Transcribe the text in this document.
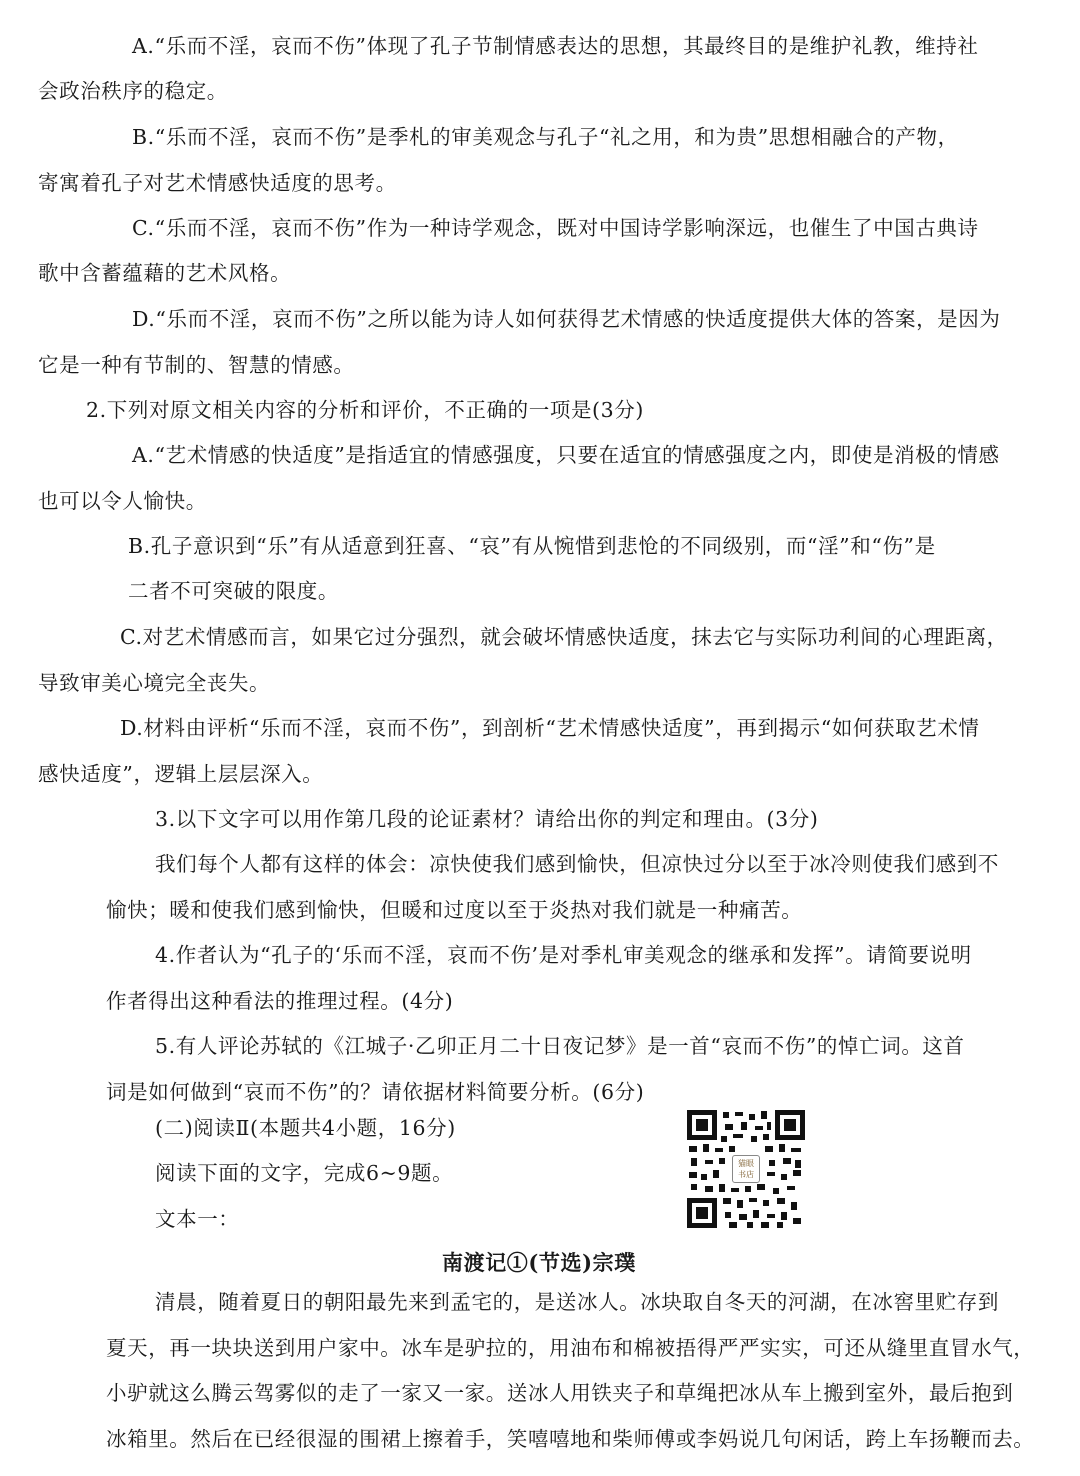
A.“乐而不淫，哀而不伤”体现了孔子节制情感表达的思想，其最终目的是维护礼教，维持社
会政治秩序的稳定。
B.“乐而不淫，哀而不伤”是季札的审美观念与孔子“礼之用，和为贵”思想相融合的产物，
寄寓着孔子对艺术情感快适度的思考。
C.“乐而不淫，哀而不伤”作为一种诗学观念，既对中国诗学影响深远，也催生了中国古典诗
歌中含蓄蕴藉的艺术风格。
D.“乐而不淫，哀而不伤”之所以能为诗人如何获得艺术情感的快适度提供大体的答案，是因为
它是一种有节制的、智慧的情感。
2.下列对原文相关内容的分析和评价，不正确的一项是(3分)
A.“艺术情感的快适度”是指适宜的情感强度，只要在适宜的情感强度之内，即使是消极的情感
也可以令人愉快。
B.孔子意识到“乐”有从适意到狂喜、“哀”有从惋惜到悲怆的不同级别，而“淫”和“伤”是
二者不可突破的限度。
C.对艺术情感而言，如果它过分强烈，就会破坏情感快适度，抹去它与实际功利间的心理距离，
导致审美心境完全丧失。
D.材料由评析“乐而不淫，哀而不伤”，到剖析“艺术情感快适度”，再到揭示“如何获取艺术情
感快适度”，逻辑上层层深入。
3.以下文字可以用作第几段的论证素材？请给出你的判定和理由。(3分)
我们每个人都有这样的体会：凉快使我们感到愉快，但凉快过分以至于冰冷则使我们感到不
愉快；暖和使我们感到愉快，但暖和过度以至于炎热对我们就是一种痛苦。
4.作者认为“孔子的‘乐而不淫，哀而不伤’是对季札审美观念的继承和发挥”。请简要说明
作者得出这种看法的推理过程。(4分)
5.有人评论苏轼的《江城子·乙卯正月二十日夜记梦》是一首“哀而不伤”的悼亡词。这首
词是如何做到“哀而不伤”的？请依据材料简要分析。(6分)
(二)阅读Ⅱ(本题共4小题，16分)
阅读下面的文字，完成6~9题。
文本一：
猫眼
书店
南渡记①(节选)宗璞
清晨，随着夏日的朝阳最先来到孟宅的，是送冰人。冰块取自冬天的河湖，在冰窖里贮存到
夏天，再一块块送到用户家中。冰车是驴拉的，用油布和棉被捂得严严实实，可还从缝里直冒水气，
小驴就这么腾云驾雾似的走了一家又一家。送冰人用铁夹子和草绳把冰从车上搬到室外，最后抱到
冰箱里。然后在已经很湿的围裙上擦着手，笑嘻嘻地和柴师傅或李妈说几句闲话，跨上车扬鞭而去。
